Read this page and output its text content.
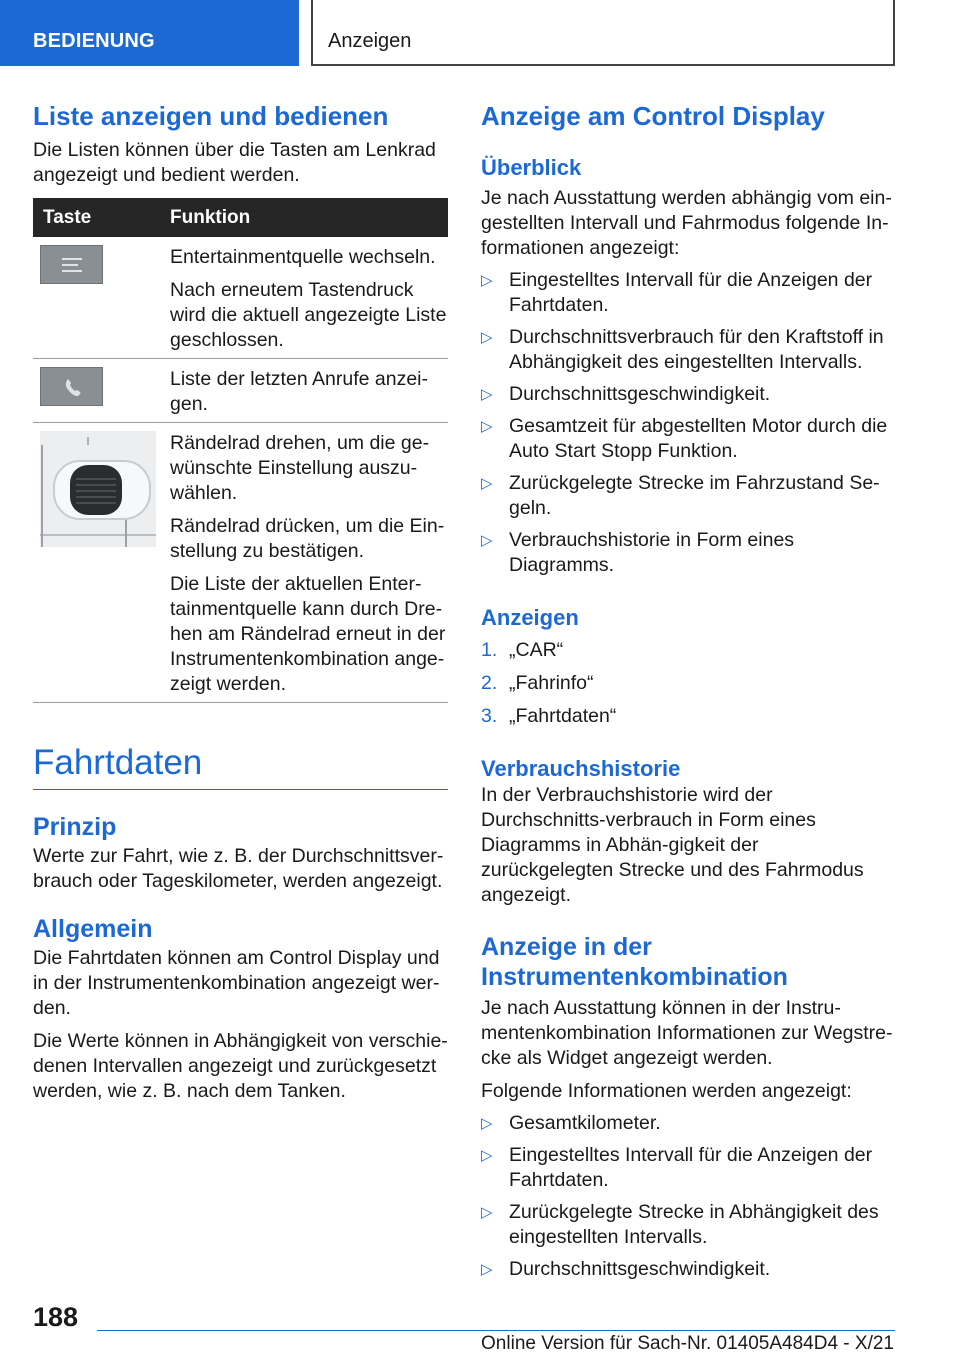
BEDIENUNG	Anzeigen
Liste anzeigen und bedienen

Die Listen können über die Tasten am Lenkrad angezeigt und bedient werden.

Taste	Funktion

Entertainmentquelle wechseln.

Nach erneutem Tastendruck wird die aktuell angezeigte Liste geschlossen.

Liste der letzten Anrufe anzei-gen.

Rändelrad drehen, um die ge-wünschte Einstellung auszu-wählen.

Rändelrad drücken, um die Ein-stellung zu bestätigen.

Die Liste der aktuellen Enter-tainmentquelle kann durch Dre-hen am Rändelrad erneut in der Instrumentenkombination ange-zeigt werden.

Fahrtdaten
Prinzip

Werte zur Fahrt, wie z. B. der Durchschnittsver-brauch oder Tageskilometer, werden angezeigt.

Allgemein

Die Fahrtdaten können am Control Display und in der Instrumentenkombination angezeigt wer-den.

Die Werte können in Abhängigkeit von verschie-denen Intervallen angezeigt und zurückgesetzt werden, wie z. B. nach dem Tanken.

Anzeige am Control Display
Überblick

Je nach Ausstattung werden abhängig vom ein-gestellten Intervall und Fahrmodus folgende In-formationen angezeigt:

▷ Eingestelltes Intervall für die Anzeigen der Fahrtdaten.
▷ Durchschnittsverbrauch für den Kraftstoff in Abhängigkeit des eingestellten Intervalls.
▷ Durchschnittsgeschwindigkeit.
▷ Gesamtzeit für abgestellten Motor durch die Auto Start Stopp Funktion.
▷ Zurückgelegte Strecke im Fahrzustand Se-geln.
▷ Verbrauchshistorie in Form eines Diagramms.
Anzeigen
1. „CAR“
2. „Fahrinfo“
3. „Fahrtdaten“
Verbrauchshistorie

In der Verbrauchshistorie wird der Durchschnitts-verbrauch in Form eines Diagramms in Abhän-gigkeit der zurückgelegten Strecke und des Fahrmodus angezeigt.

Anzeige in der
Instrumentenkombination

Je nach Ausstattung können in der Instru-mentenkombination Informationen zur Wegstre-cke als Widget angezeigt werden.

Folgende Informationen werden angezeigt:

▷ Gesamtkilometer.
▷ Eingestelltes Intervall für die Anzeigen der Fahrtdaten.
▷ Zurückgelegte Strecke in Abhängigkeit des eingestellten Intervalls.
▷ Durchschnittsgeschwindigkeit.
188
Online Version für Sach-Nr. 01405A484D4 - X/21
